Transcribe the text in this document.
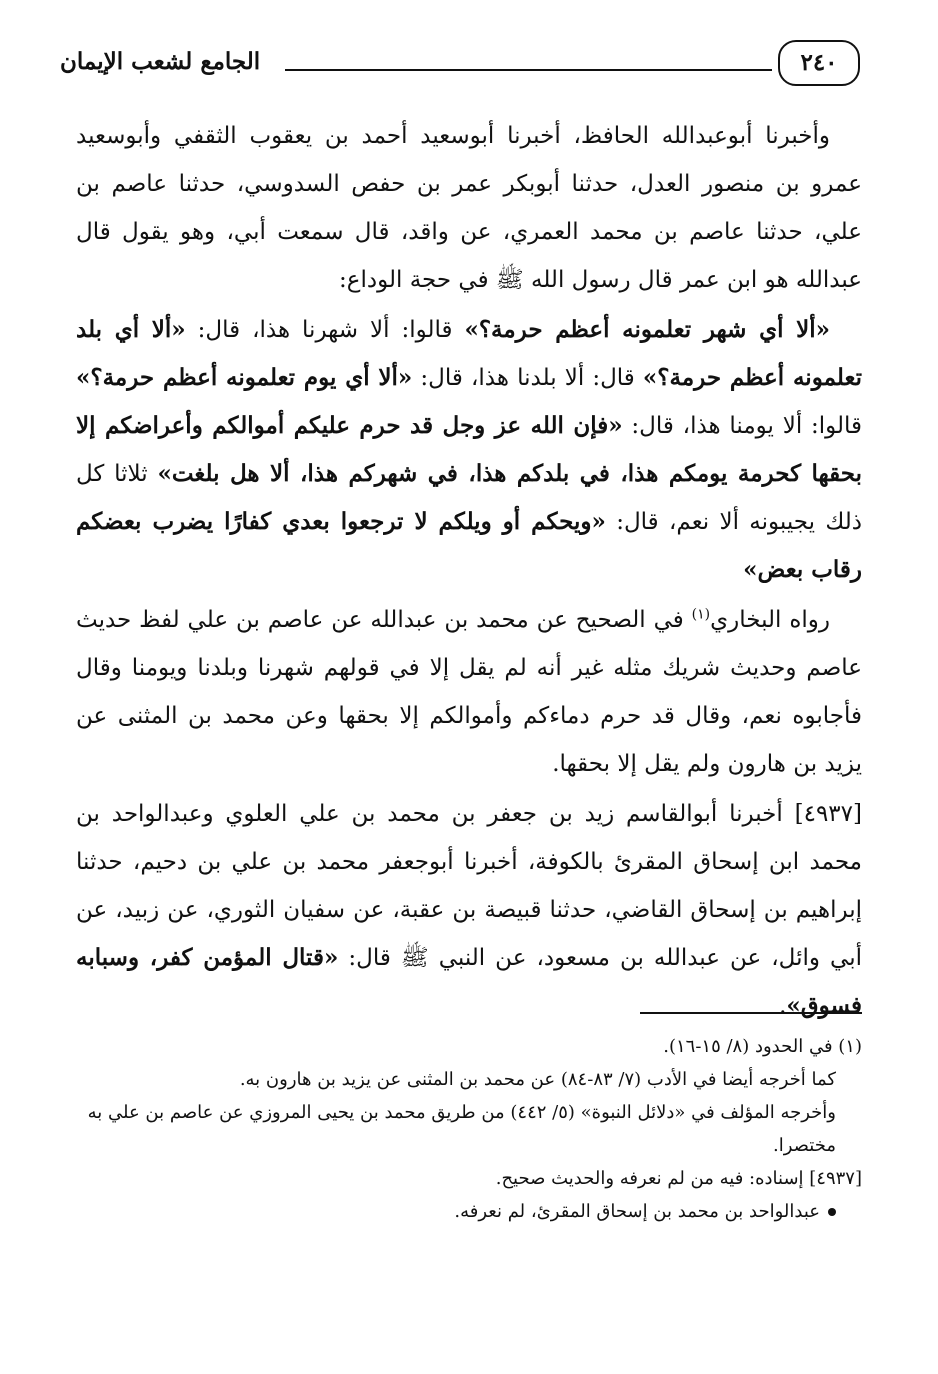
الجامع لشعب الإيمان	٢٤٠

وأخبرنا أبوعبدالله الحافظ، أخبرنا أبوسعيد أحمد بن يعقوب الثقفي وأبوسعيد عمرو بن منصور العدل، حدثنا أبوبكر عمر بن حفص السدوسي، حدثنا عاصم بن علي، حدثنا عاصم بن محمد العمري، عن واقد، قال سمعت أبي، وهو يقول قال عبدالله هو ابن عمر قال رسول الله ﷺ في حجة الوداع:

«ألا أي شهر تعلمونه أعظم حرمة؟» قالوا: ألا شهرنا هذا، قال: «ألا أي بلد تعلمونه أعظم حرمة؟» قال: ألا بلدنا هذا، قال: «ألا أي يوم تعلمونه أعظم حرمة؟» قالوا: ألا يومنا هذا، قال: «فإن الله عز وجل قد حرم عليكم أموالكم وأعراضكم إلا بحقها كحرمة يومكم هذا، في بلدكم هذا، في شهركم هذا، ألا هل بلغت» ثلاثا كل ذلك يجيبونه ألا نعم، قال: «ويحكم أو ويلكم لا ترجعوا بعدي كفارًا يضرب بعضكم رقاب بعض»

رواه البخاري$^{(١)}$ في الصحيح عن محمد بن عبدالله عن عاصم بن علي لفظ حديث عاصم وحديث شريك مثله غير أنه لم يقل إلا في قولهم شهرنا وبلدنا ويومنا وقال فأجابوه نعم، وقال قد حرم دماءكم وأموالكم إلا بحقها وعن محمد بن المثنى عن يزيد بن هارون ولم يقل إلا بحقها.

[٤٩٣٧] أخبرنا أبوالقاسم زيد بن جعفر بن محمد بن علي العلوي وعبدالواحد بن محمد ابن إسحاق المقرئ بالكوفة، أخبرنا أبوجعفر محمد بن علي بن دحيم، حدثنا إبراهيم بن إسحاق القاضي، حدثنا قبيصة بن عقبة، عن سفيان الثوري، عن زبيد، عن أبي وائل، عن عبدالله بن مسعود، عن النبي ﷺ قال: «قتال المؤمن كفر، وسبابه فسوق».

(١) في الحدود (٨/ ١٥-١٦).

كما أخرجه أيضا في الأدب (٧/ ٨٣-٨٤) عن محمد بن المثنى عن يزيد بن هارون به.

وأخرجه المؤلف في «دلائل النبوة» (٥/ ٤٤٢) من طريق محمد بن يحيى المروزي عن عاصم بن علي به مختصرا.

[٤٩٣٧] إسناده: فيه من لم نعرفه والحديث صحيح.

عبدالواحد بن محمد بن إسحاق المقرئ، لم نعرفه.
